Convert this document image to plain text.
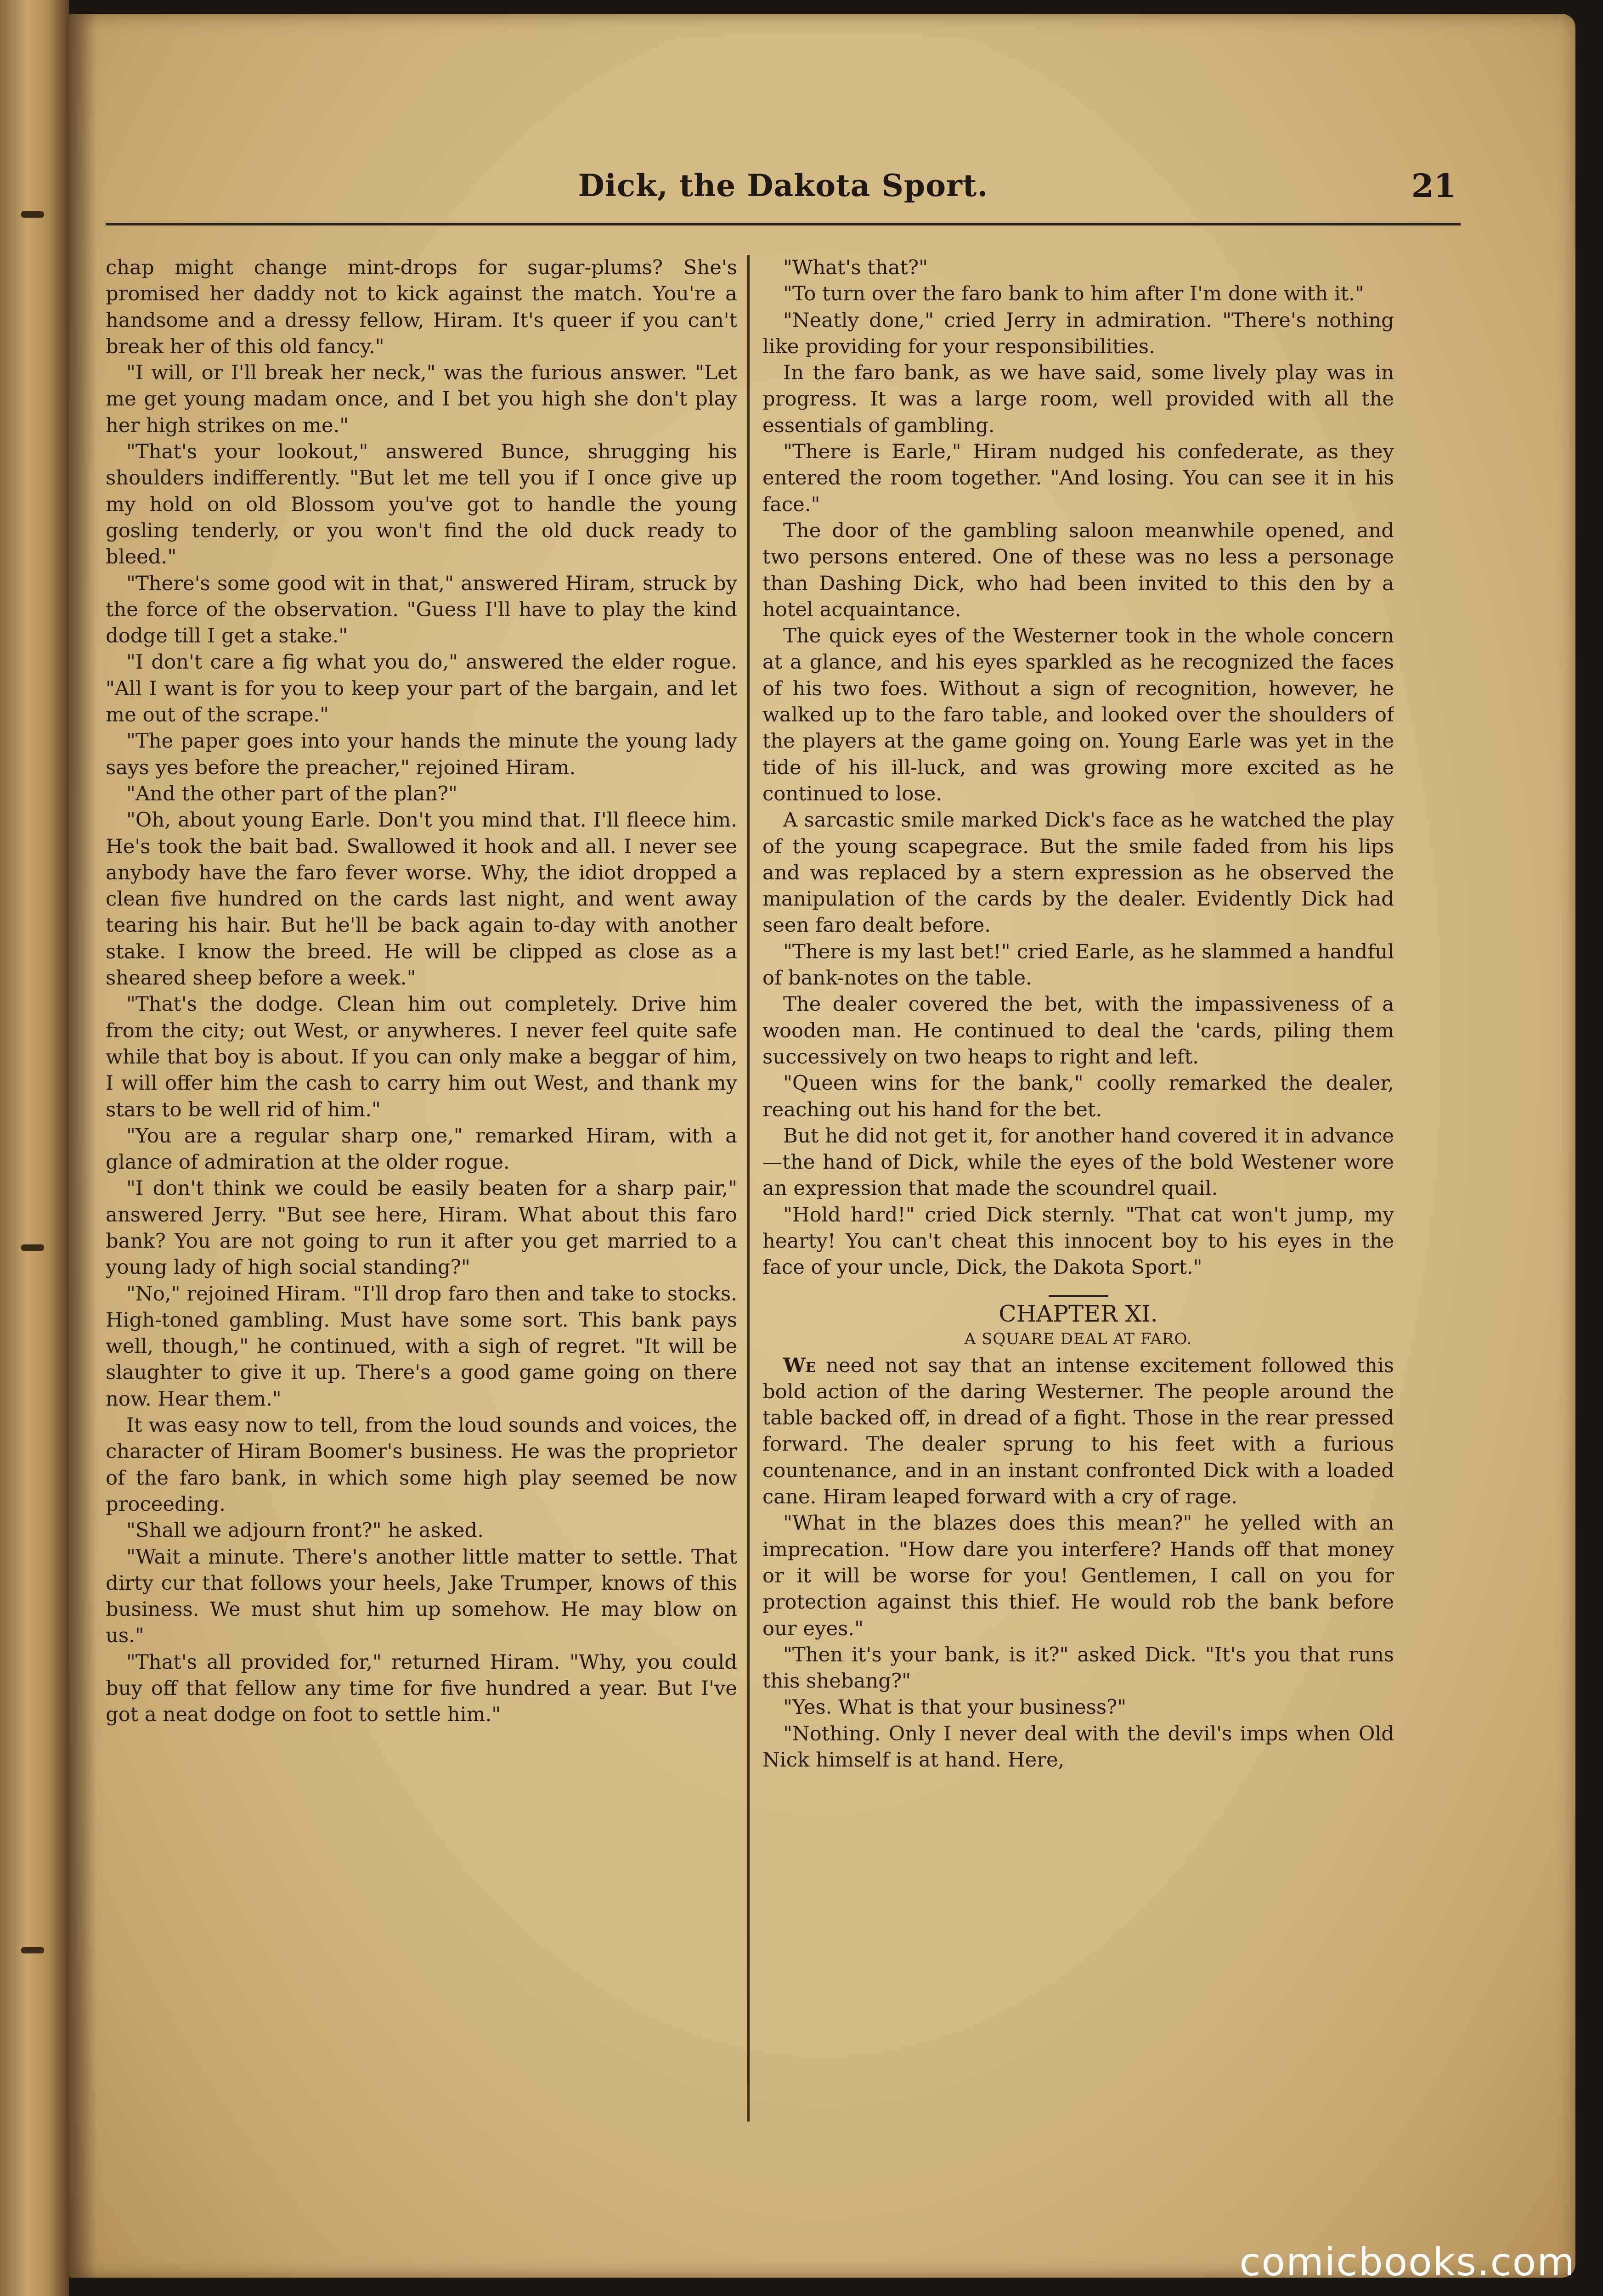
Dick, the Dakota Sport.	21

chap might change mint-drops for sugar-plums? She's promised her daddy not to kick against the match. You're a handsome and a dressy fellow, Hiram. It's queer if you can't break her of this old fancy."

"I will, or I'll break her neck," was the furious answer. "Let me get young madam once, and I bet you high she don't play her high strikes on me."

"That's your lookout," answered Bunce, shrugging his shoulders indifferently. "But let me tell you if I once give up my hold on old Blossom you've got to handle the young gosling tenderly, or you won't find the old duck ready to bleed."

"There's some good wit in that," answered Hiram, struck by the force of the observation. "Guess I'll have to play the kind dodge till I get a stake."

"I don't care a fig what you do," answered the elder rogue. "All I want is for you to keep your part of the bargain, and let me out of the scrape."

"The paper goes into your hands the minute the young lady says yes before the preacher," rejoined Hiram.

"And the other part of the plan?"

"Oh, about young Earle. Don't you mind that. I'll fleece him. He's took the bait bad. Swallowed it hook and all. I never see anybody have the faro fever worse. Why, the idiot dropped a clean five hundred on the cards last night, and went away tearing his hair. But he'll be back again to-day with another stake. I know the breed. He will be clipped as close as a sheared sheep before a week."

"That's the dodge. Clean him out completely. Drive him from the city; out West, or anywheres. I never feel quite safe while that boy is about. If you can only make a beggar of him, I will offer him the cash to carry him out West, and thank my stars to be well rid of him."

"You are a regular sharp one," remarked Hiram, with a glance of admiration at the older rogue.

"I don't think we could be easily beaten for a sharp pair," answered Jerry. "But see here, Hiram. What about this faro bank? You are not going to run it after you get married to a young lady of high social standing?"

"No," rejoined Hiram. "I'll drop faro then and take to stocks. High-toned gambling. Must have some sort. This bank pays well, though," he continued, with a sigh of regret. "It will be slaughter to give it up. There's a good game going on there now. Hear them."

It was easy now to tell, from the loud sounds and voices, the character of Hiram Boomer's business. He was the proprietor of the faro bank, in which some high play seemed be now proceeding.

"Shall we adjourn front?" he asked.

"Wait a minute. There's another little matter to settle. That dirty cur that follows your heels, Jake Trumper, knows of this business. We must shut him up somehow. He may blow on us."

"That's all provided for," returned Hiram. "Why, you could buy off that fellow any time for five hundred a year. But I've got a neat dodge on foot to settle him."

"What's that?"

"To turn over the faro bank to him after I'm done with it."

"Neatly done," cried Jerry in admiration. "There's nothing like providing for your responsibilities.

In the faro bank, as we have said, some lively play was in progress. It was a large room, well provided with all the essentials of gambling.

"There is Earle," Hiram nudged his confederate, as they entered the room together. "And losing. You can see it in his face."

The door of the gambling saloon meanwhile opened, and two persons entered. One of these was no less a personage than Dashing Dick, who had been invited to this den by a hotel acquaintance.

The quick eyes of the Westerner took in the whole concern at a glance, and his eyes sparkled as he recognized the faces of his two foes. Without a sign of recognition, however, he walked up to the faro table, and looked over the shoulders of the players at the game going on. Young Earle was yet in the tide of his ill-luck, and was growing more excited as he continued to lose.

A sarcastic smile marked Dick's face as he watched the play of the young scapegrace. But the smile faded from his lips and was replaced by a stern expression as he observed the manipulation of the cards by the dealer. Evidently Dick had seen faro dealt before.

"There is my last bet!" cried Earle, as he slammed a handful of bank-notes on the table.

The dealer covered the bet, with the impassiveness of a wooden man. He continued to deal the 'cards, piling them successively on two heaps to right and left.

"Queen wins for the bank," coolly remarked the dealer, reaching out his hand for the bet.

But he did not get it, for another hand covered it in advance—the hand of Dick, while the eyes of the bold Westener wore an expression that made the scoundrel quail.

"Hold hard!" cried Dick sternly. "That cat won't jump, my hearty! You can't cheat this innocent boy to his eyes in the face of your uncle, Dick, the Dakota Sport."

CHAPTER XI.

A SQUARE DEAL AT FARO.

We need not say that an intense excitement followed this bold action of the daring Westerner. The people around the table backed off, in dread of a fight. Those in the rear pressed forward. The dealer sprung to his feet with a furious countenance, and in an instant confronted Dick with a loaded cane. Hiram leaped forward with a cry of rage.

"What in the blazes does this mean?" he yelled with an imprecation. "How dare you interfere? Hands off that money or it will be worse for you! Gentlemen, I call on you for protection against this thief. He would rob the bank before our eyes."

"Then it's your bank, is it?" asked Dick. "It's you that runs this shebang?"

"Yes. What is that your business?"

"Nothing. Only I never deal with the devil's imps when Old Nick himself is at hand. Here,

comicbooks.com
